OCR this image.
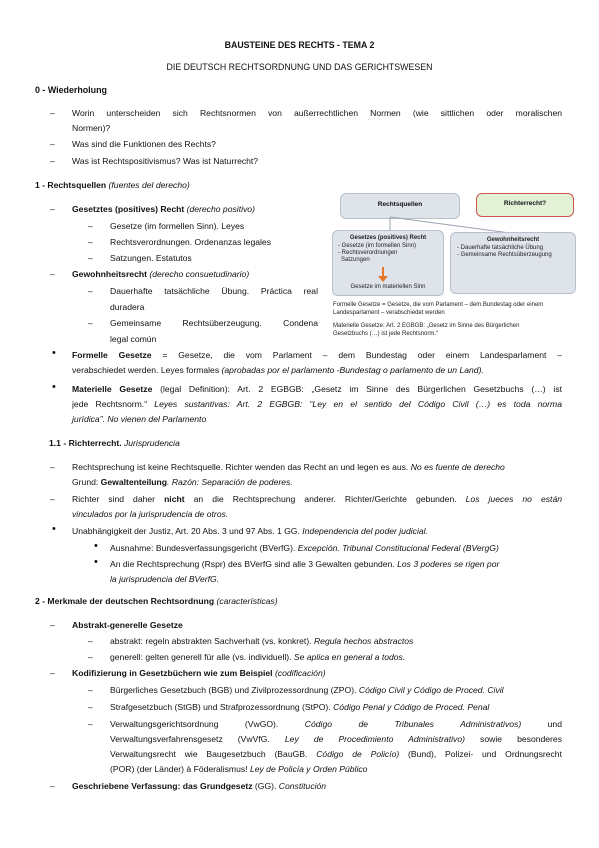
BAUSTEINE DES RECHTS - TEMA 2
DIE DEUTSCH RECHTSORDNUNG UND DAS GERICHTSWESEN
0 - Wiederholung
– Worin unterscheiden sich Rechtsnormen von außerrechtlichen Normen (wie sittlichen oder moralischen
Normen)?
– Was sind die Funktionen des Rechts?
– Was ist Rechtspositivismus? Was ist Naturrecht?
1 - Rechtsquellen (fuentes del derecho)
– Gesetztes (positives) Recht (derecho positivo)
– Gesetze (im formellen Sinn). Leyes
– Rechtsverordnungen. Ordenanzas legales
– Satzungen. Estatutos
– Gewohnheitsrecht (derecho consuetudinario)
– Dauerhafte tatsächliche Übung. Práctica real
duradera
– Gemeinsame Rechtsüberzeugung. Condena
legal común
Rechtsquellen	Richterrecht?
Gesetzes (positives) Recht
- Gesetze (im formellen Sinn)
- Rechtsverordnungen
Satzungen
Gesetze im materiellen Sinn
Gewohnheitsrecht
- Dauerhafte tatsächliche Übung
- Gemeinsame Rechtsüberzeugung
Formelle Gesetze = Gesetze, die vom Parlament – dem Bundestag oder einem
Landesparlament – verabschiedet werden
Materielle Gesetze: Art. 2 EGBGB: „Gesetz im Sinne des Bürgerlichen
Gesetzbuchs (…) ist jede Rechtsnorm.“
• Formelle Gesetze = Gesetze, die vom Parlament – dem Bundestag oder einem Landesparlament –
verabschiedet werden. Leyes formales (aprobadas por el parlamento -Bundestag o parlamento de un Land).
• Materielle Gesetze (legal Definition): Art. 2 EGBGB: „Gesetz im Sinne des Bürgerlichen Gesetzbuchs (…) ist
jede Rechtsnorm.“ Leyes sustantivas: Art. 2 EGBGB: “Ley en el sentido del Código Civil (…) es toda norma
jurídica”. No vienen del Parlamento
1.1 - Richterrecht. Jurisprudencia
– Rechtsprechung ist keine Rechtsquelle. Richter wenden das Recht an und legen es aus. No es fuente de derecho
Grund: Gewaltenteilung. Razón: Separación de poderes.
– Richter sind daher nicht an die Rechtsprechung anderer. Richter/Gerichte gebunden. Los jueces no están
vinculados por la jurisprudencia de otros.
• Unabhängigkeit der Justiz, Art. 20 Abs. 3 und 97 Abs. 1 GG. Independencia del poder judicial.
• Ausnahme: Bundesverfassungsgericht (BVerfG). Excepción. Tribunal Constitucional Federal (BVergG)
• An die Rechtsprechung (Rspr) des BVerfG sind alle 3 Gewalten gebunden. Los 3 poderes se rigen por
la jurisprudencia del BVerfG.
2 - Merkmale der deutschen Rechtsordnung (características)
– Abstrakt-generelle Gesetze
– abstrakt: regeln abstrakten Sachverhalt (vs. konkret). Regula hechos abstractos
– generell: gelten generell für alle (vs. individuell). Se aplica en general a todos.
– Kodifizierung in Gesetzbüchern wie zum Beispiel (codificación)
– Bürgerliches Gesetzbuch (BGB) und Zivilprozessordnung (ZPO). Código Civil y Código de Proced. Civil
– Strafgesetzbuch (StGB) und Strafprozessordnung (StPO). Código Penal y Código de Proced. Penal
– Verwaltungsgerichtsordnung (VwGO).	Código de Tribunales Administrativos)	und
Verwaltungsverfahrensgesetz (VwVfG. Ley de Procedimiento Administrativo) sowie besonderes
Verwaltungsrecht wie Baugesetzbuch (BauGB. Código de Policío) (Bund), Polizei- und Ordnungsrecht
(POR) (der Länder) à Föderalismus! Ley de Policía y Orden Público
– Geschriebene Verfassung: das Grundgesetz (GG). Constitución
